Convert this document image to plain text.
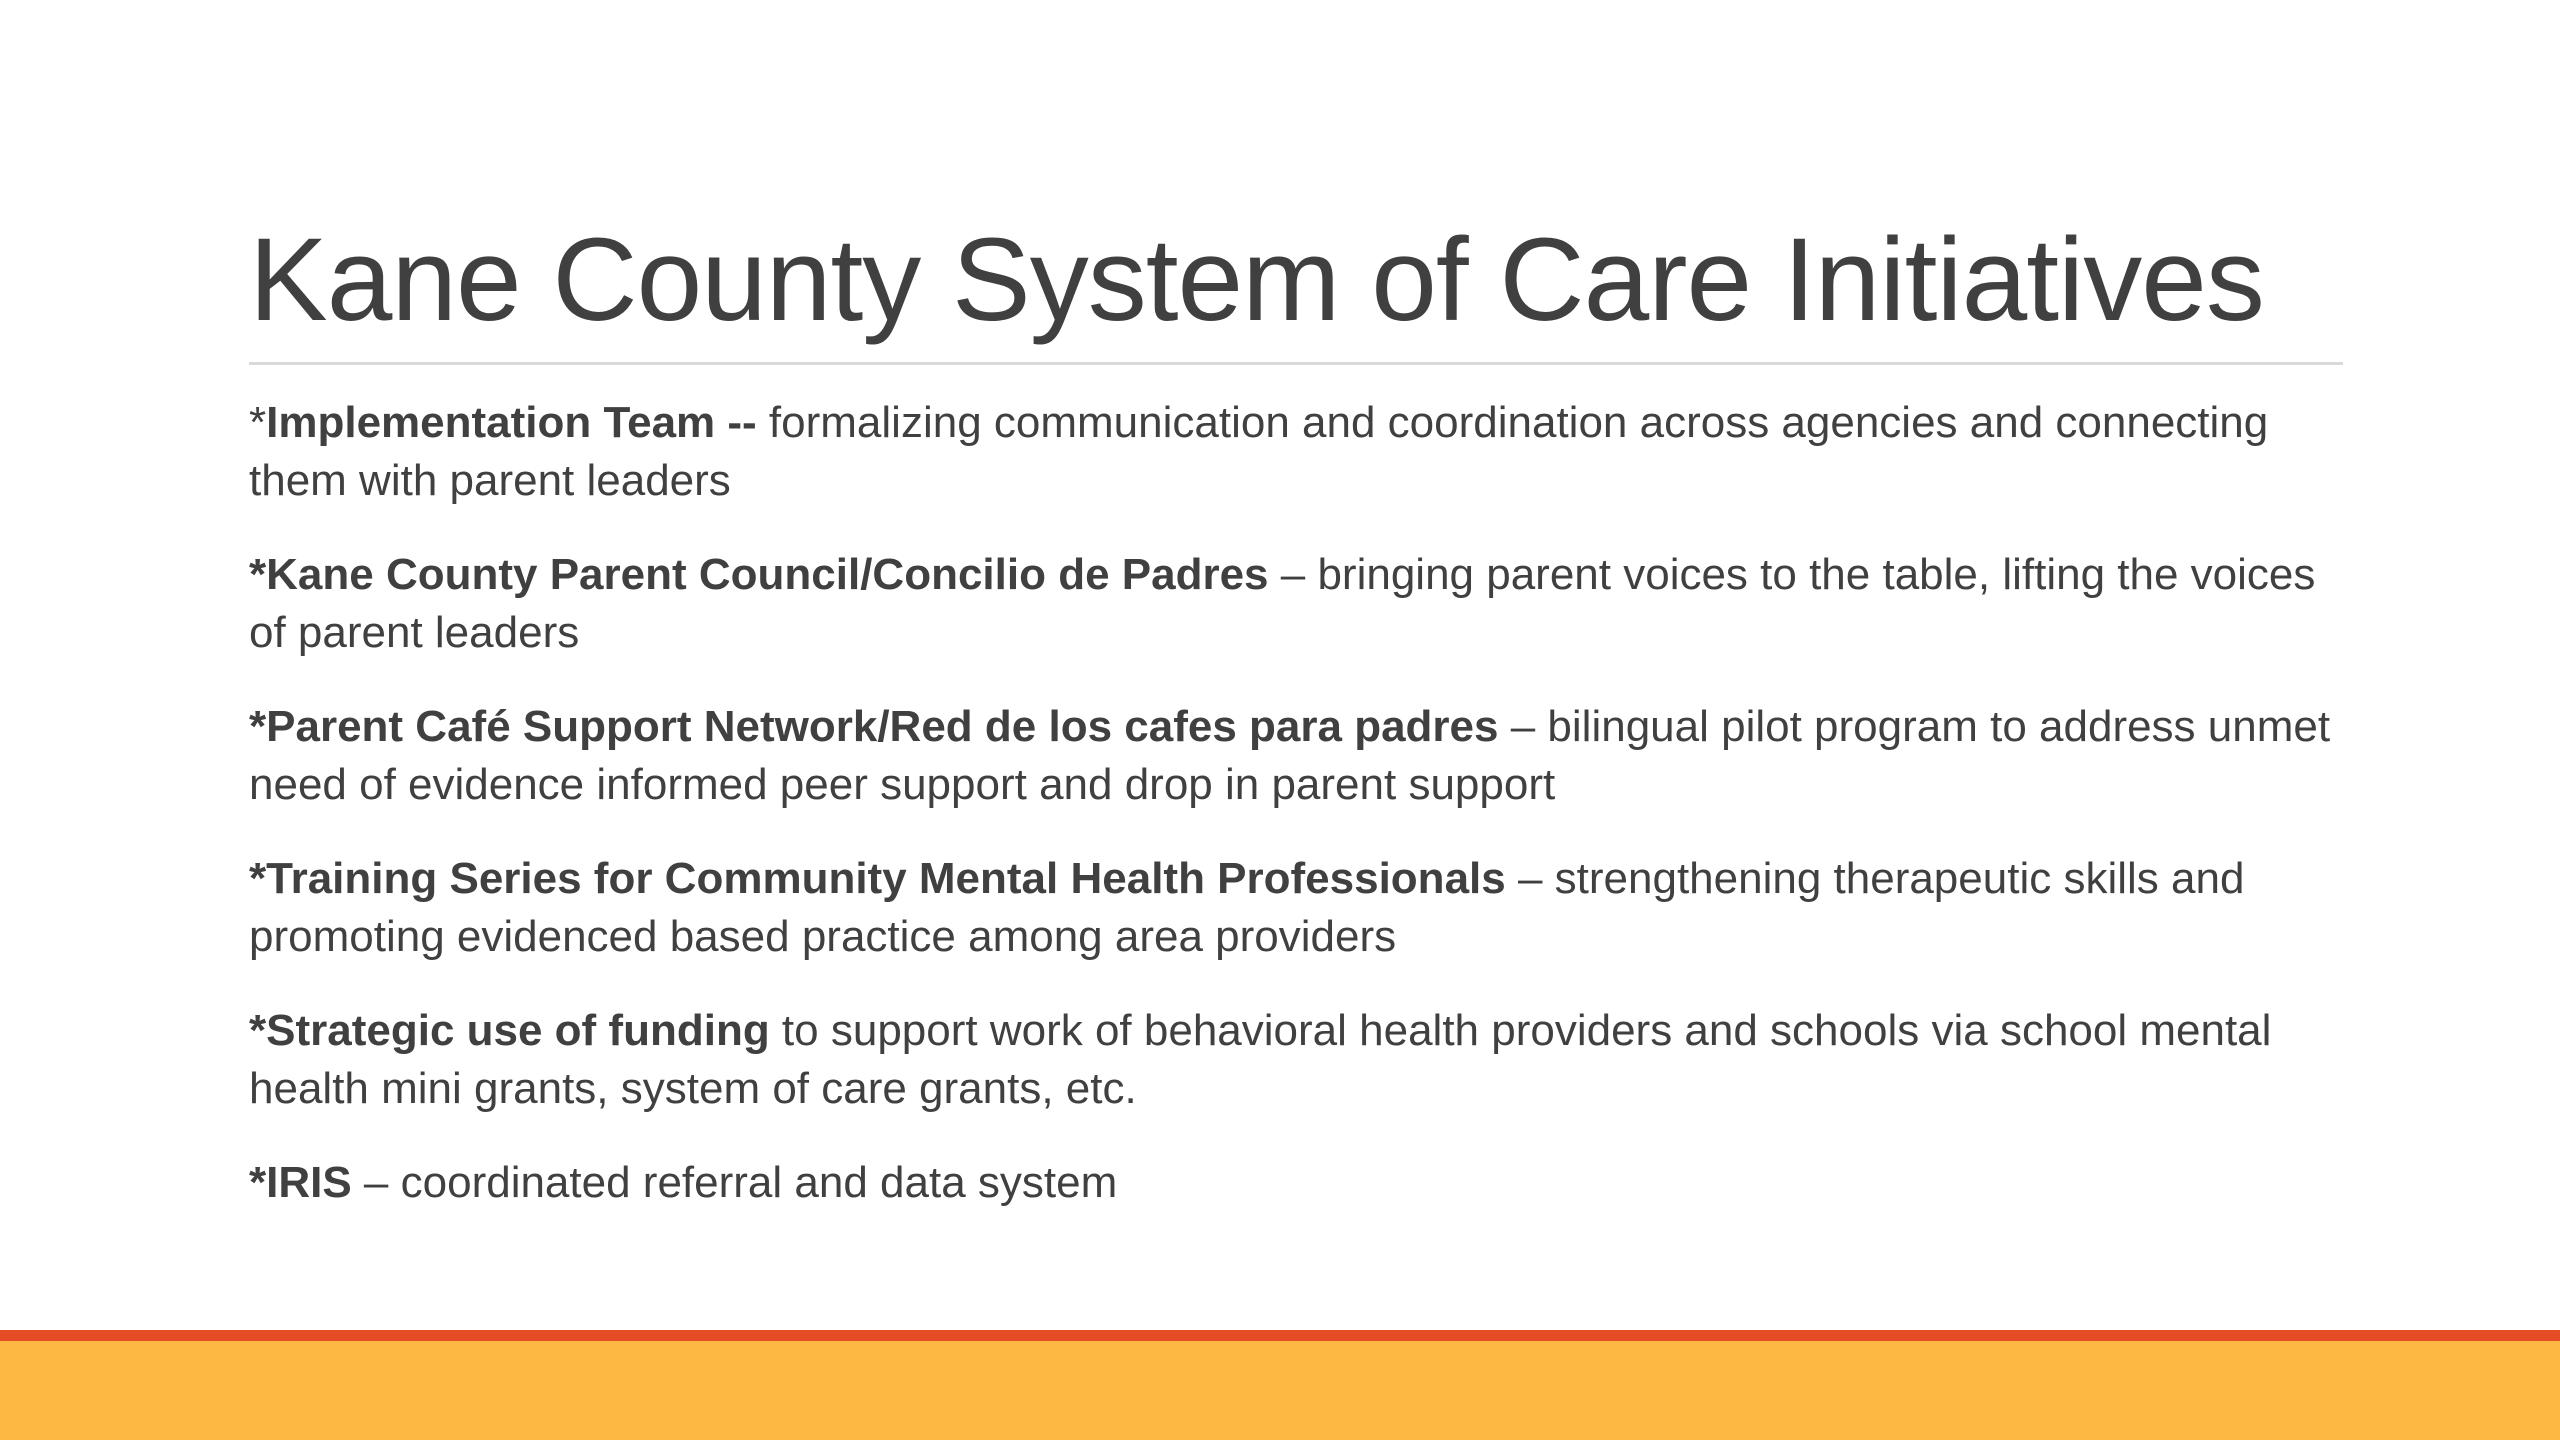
Kane County System of Care Initiatives

*Implementation Team -- formalizing communication and coordination across agencies and connecting them with parent leaders

*Kane County Parent Council/Concilio de Padres – bringing parent voices to the table, lifting the voices of parent leaders

*Parent Café Support Network/Red de los cafes para padres – bilingual pilot program to address unmet need of evidence informed peer support and drop in parent support

*Training Series for Community Mental Health Professionals – strengthening therapeutic skills and promoting evidenced based practice among area providers

*Strategic use of funding to support work of behavioral health providers and schools via school mental health mini grants, system of care grants, etc.

*IRIS – coordinated referral and data system
